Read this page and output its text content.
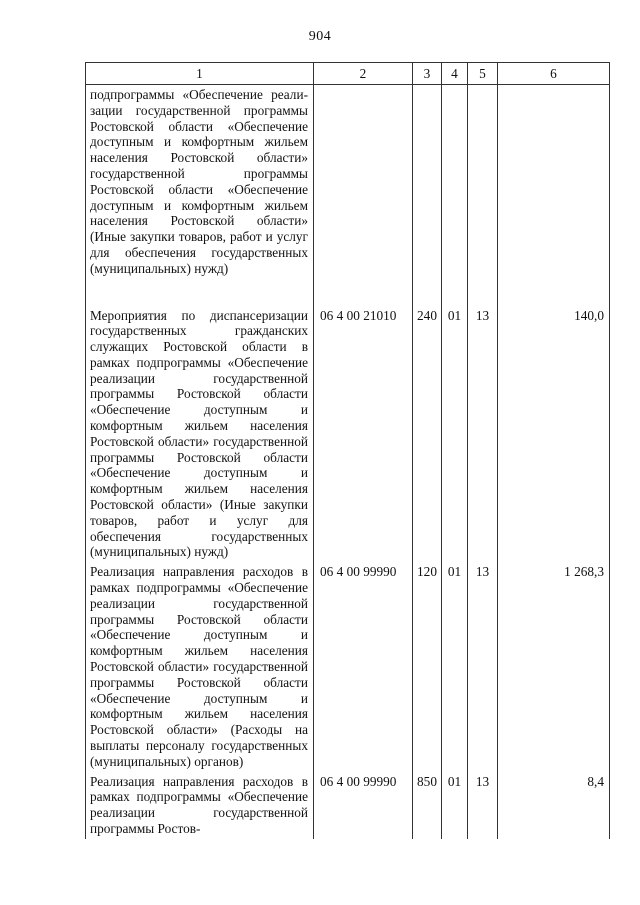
904
1	2	3	4	5	6
подпрограммы «Обеспечение реализации государственной программы Ростовской области «Обеспечение доступным и комфортным жильем населения Ростовской области» государственной программы Ростовской области «Обеспечение доступным и комфортным жильем населения Ростовской области» (Иные закупки товаров, работ и услуг для обеспечения государственных (муниципальных) нужд)					
Мероприятия по диспансеризации государственных гражданских служащих Ростовской области в рамках подпрограммы «Обеспечение реализации государственной программы Ростовской области «Обеспечение доступным и комфортным жильем населения Ростовской области» государственной программы Ростовской области «Обеспечение доступным и комфортным жильем населения Ростовской области» (Иные закупки товаров, работ и услуг для обеспечения государственных (муниципальных) нужд)	06 4 00 21010	240	01	13	140,0
Реализация направления расходов в рамках подпрограммы «Обеспечение реализации государственной программы Ростовской области «Обеспечение доступным и комфортным жильем населения Ростовской области» государственной программы Ростовской области «Обеспечение доступным и комфортным жильем населения Ростовской области» (Расходы на выплаты персоналу государственных (муниципальных) органов)	06 4 00 99990	120	01	13	1 268,3
Реализация направления расходов в рамках подпрограммы «Обеспечение реализации государственной программы Ростов-	06 4 00 99990	850	01	13	8,4
